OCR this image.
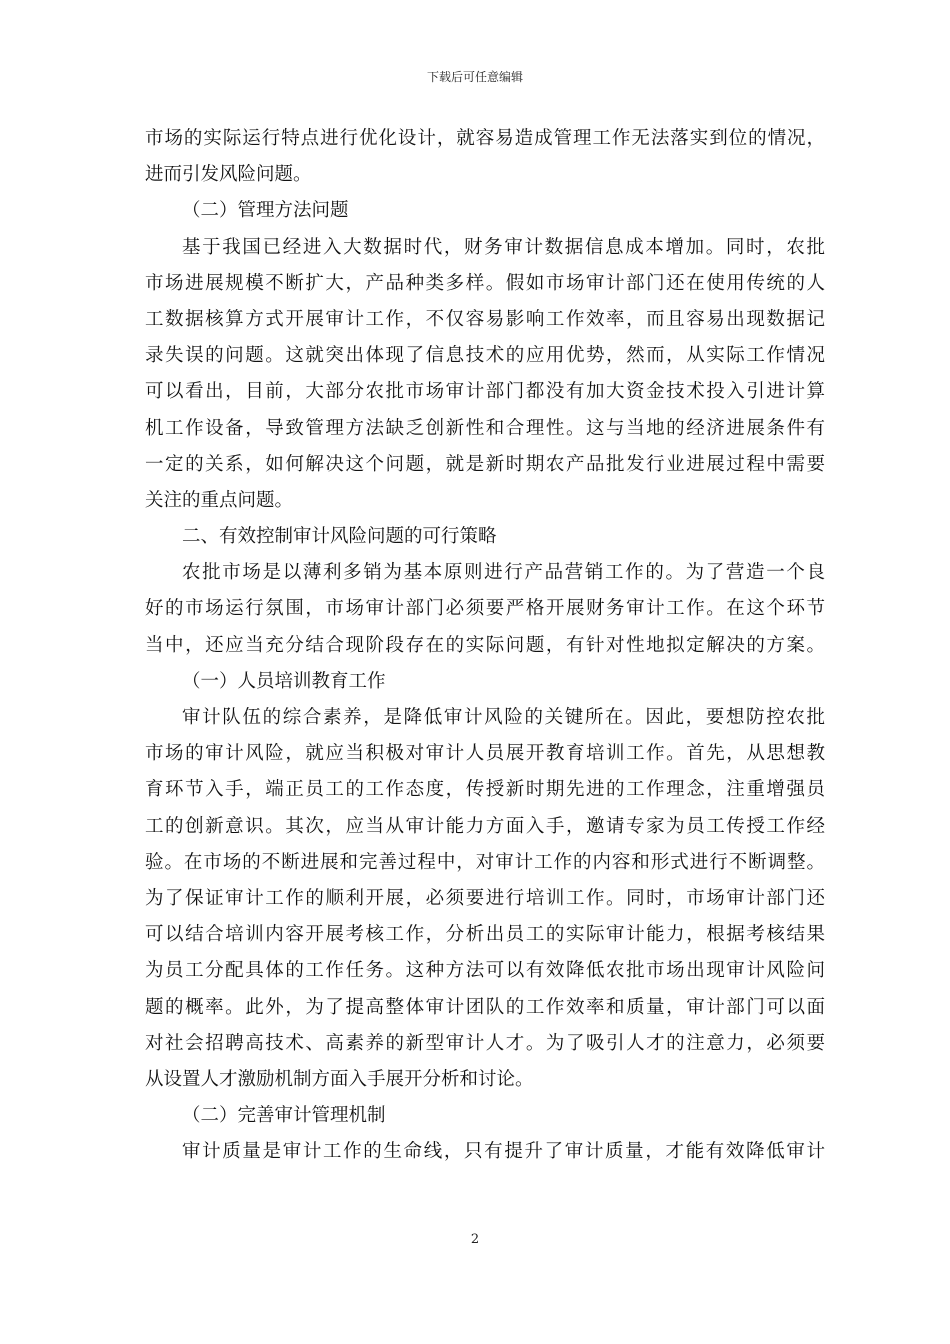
下载后可任意编辑
市场的实际运行特点进行优化设计，就容易造成管理工作无法落实到位的情况，
进而引发风险问题。
（二）管理方法问题
基于我国已经进入大数据时代，财务审计数据信息成本增加。同时，农批
市场进展规模不断扩大，产品种类多样。假如市场审计部门还在使用传统的人
工数据核算方式开展审计工作，不仅容易影响工作效率，而且容易出现数据记
录失误的问题。这就突出体现了信息技术的应用优势，然而，从实际工作情况
可以看出，目前，大部分农批市场审计部门都没有加大资金技术投入引进计算
机工作设备，导致管理方法缺乏创新性和合理性。这与当地的经济进展条件有
一定的关系，如何解决这个问题，就是新时期农产品批发行业进展过程中需要
关注的重点问题。
二、有效控制审计风险问题的可行策略
农批市场是以薄利多销为基本原则进行产品营销工作的。为了营造一个良
好的市场运行氛围，市场审计部门必须要严格开展财务审计工作。在这个环节
当中，还应当充分结合现阶段存在的实际问题，有针对性地拟定解决的方案。
（一）人员培训教育工作
审计队伍的综合素养，是降低审计风险的关键所在。因此，要想防控农批
市场的审计风险，就应当积极对审计人员展开教育培训工作。首先，从思想教
育环节入手，端正员工的工作态度，传授新时期先进的工作理念，注重增强员
工的创新意识。其次，应当从审计能力方面入手，邀请专家为员工传授工作经
验。在市场的不断进展和完善过程中，对审计工作的内容和形式进行不断调整。
为了保证审计工作的顺利开展，必须要进行培训工作。同时，市场审计部门还
可以结合培训内容开展考核工作，分析出员工的实际审计能力，根据考核结果
为员工分配具体的工作任务。这种方法可以有效降低农批市场出现审计风险问
题的概率。此外，为了提高整体审计团队的工作效率和质量，审计部门可以面
对社会招聘高技术、高素养的新型审计人才。为了吸引人才的注意力，必须要
从设置人才激励机制方面入手展开分析和讨论。
（二）完善审计管理机制
审计质量是审计工作的生命线，只有提升了审计质量，才能有效降低审计
2
